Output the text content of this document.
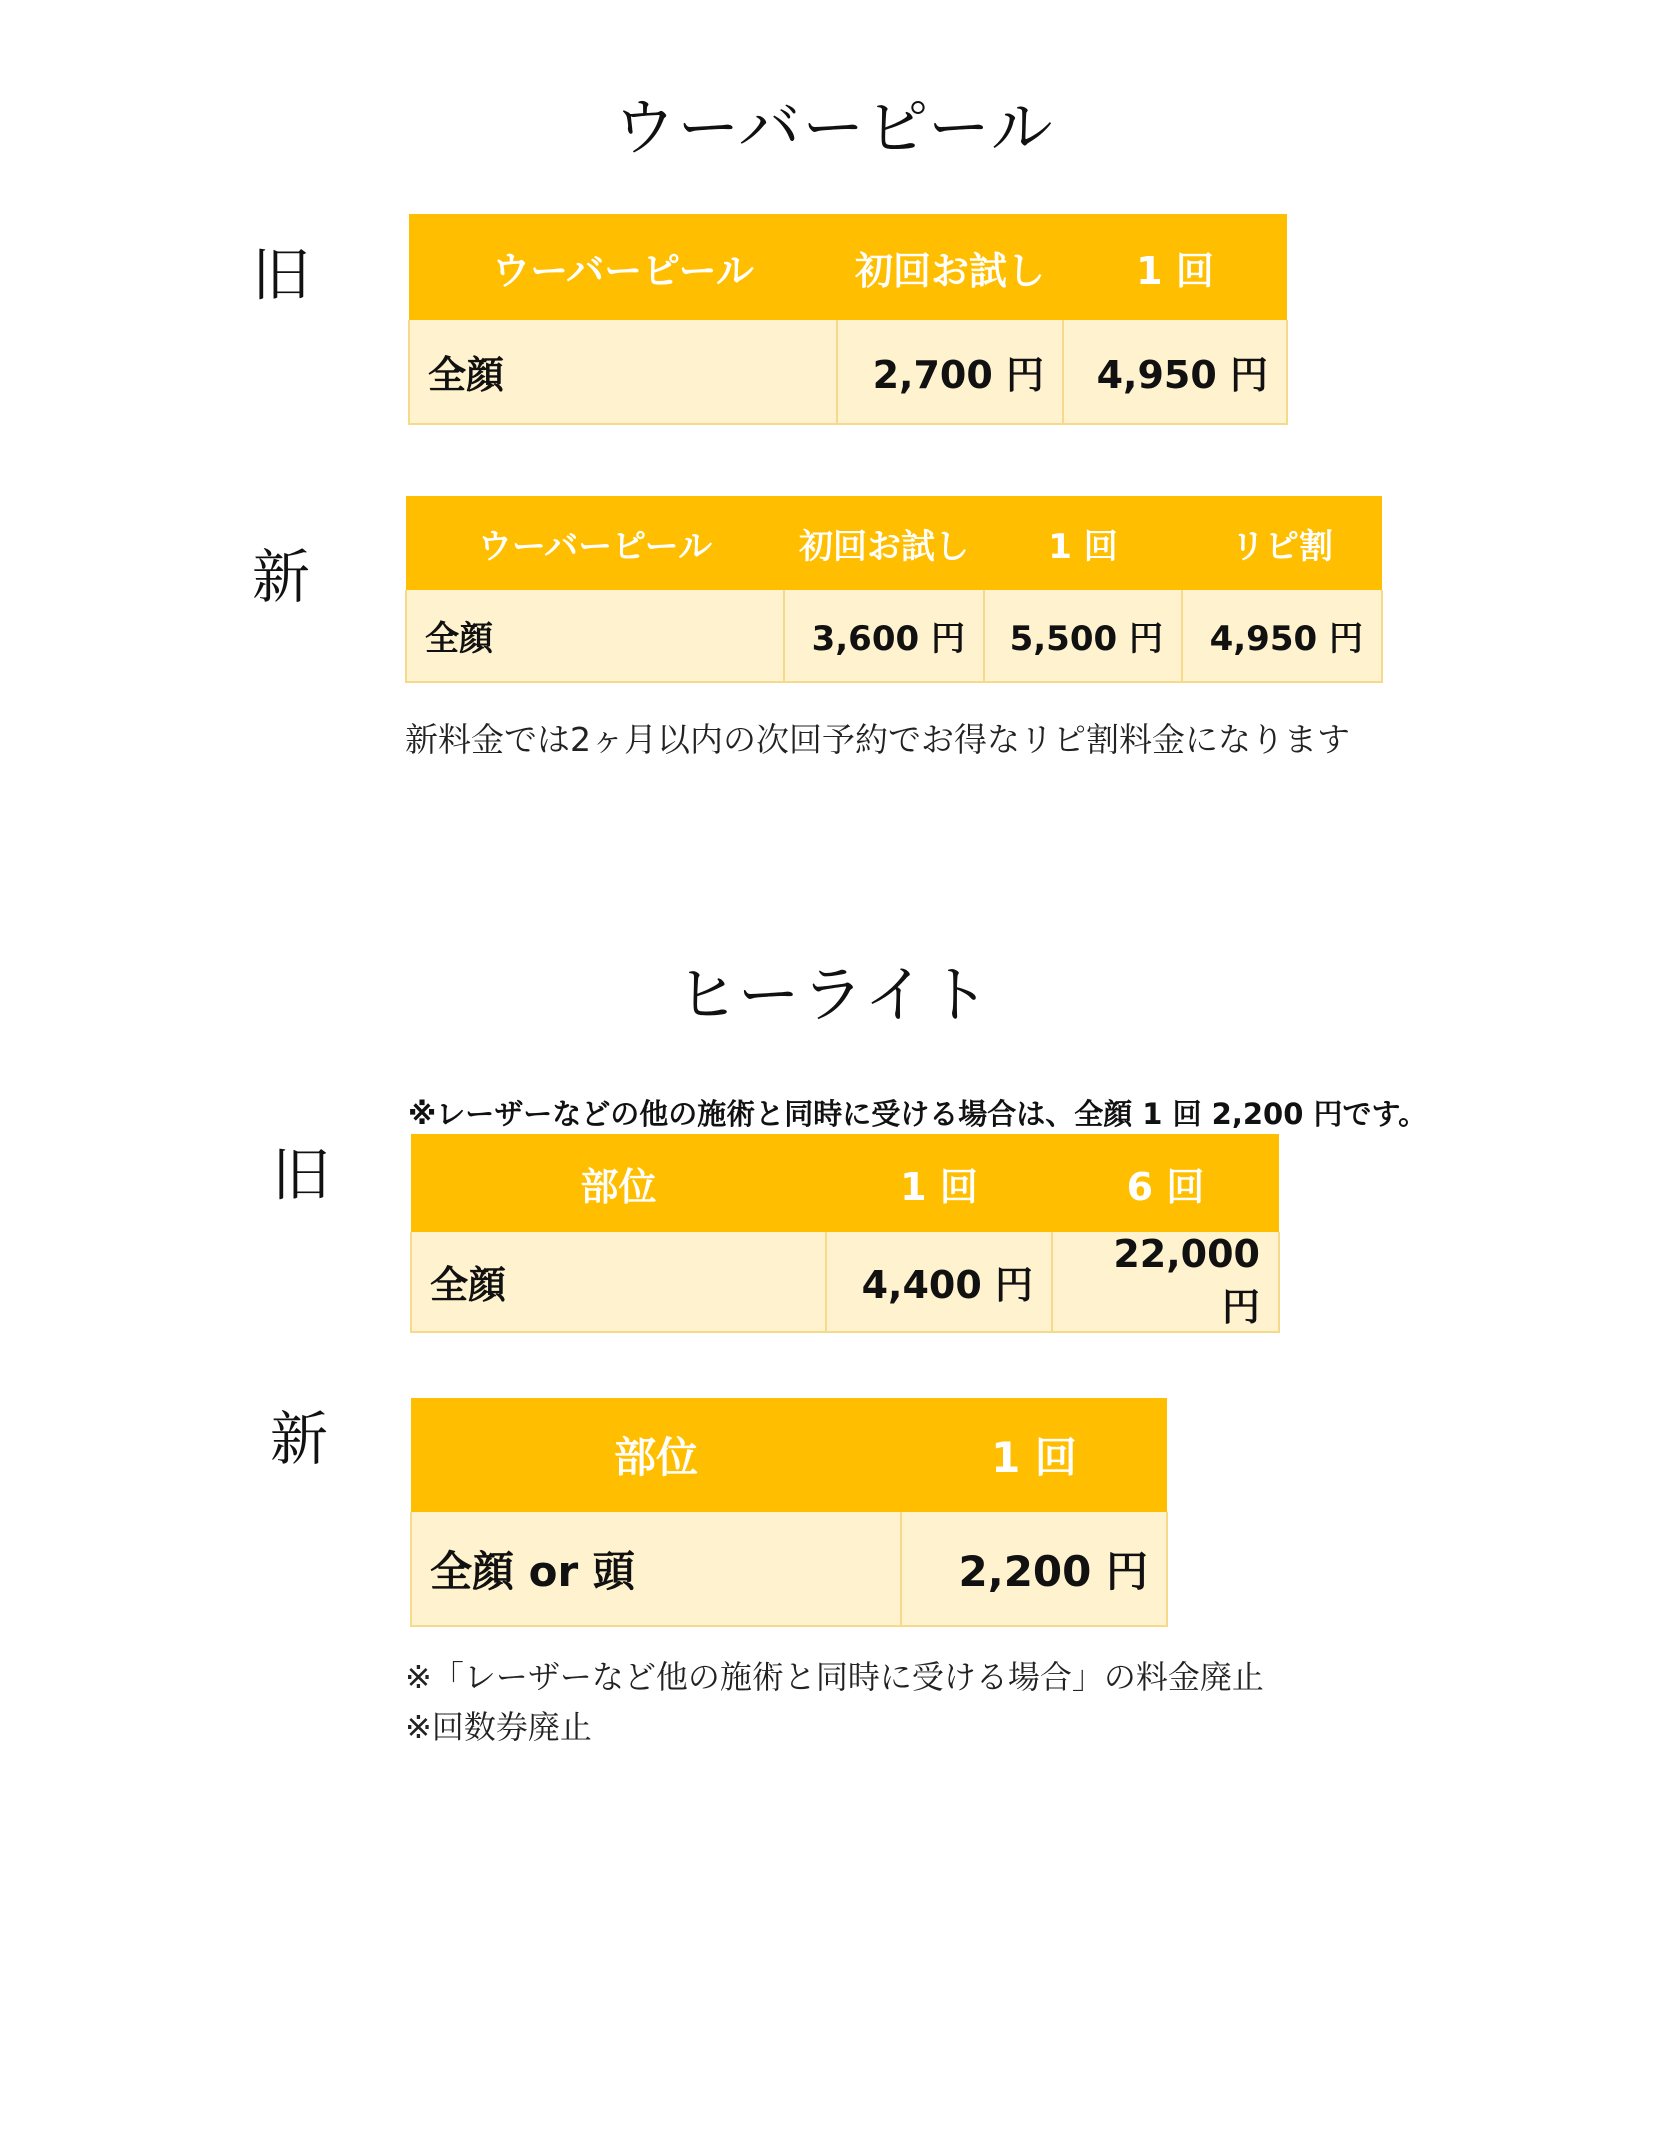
ウーバーピール
旧	ウーバーピール	初回お試し	1 回
全顔	2,700 円	4,950 円
新	ウーバーピール	初回お試し	1 回	リピ割
全顔	3,600 円	5,500 円	4,950 円
新料金では2ヶ月以内の次回予約でお得なリピ割料金になります
ヒーライト
※レーザーなどの他の施術と同時に受ける場合は、全顔 1 回 2,200 円です。
旧	部位	1 回	6 回
全顔	4,400 円	22,000 円
新	部位	1 回
全顔 or 頭	2,200 円
※「レーザーなど他の施術と同時に受ける場合」の料金廃止
※回数券廃止
